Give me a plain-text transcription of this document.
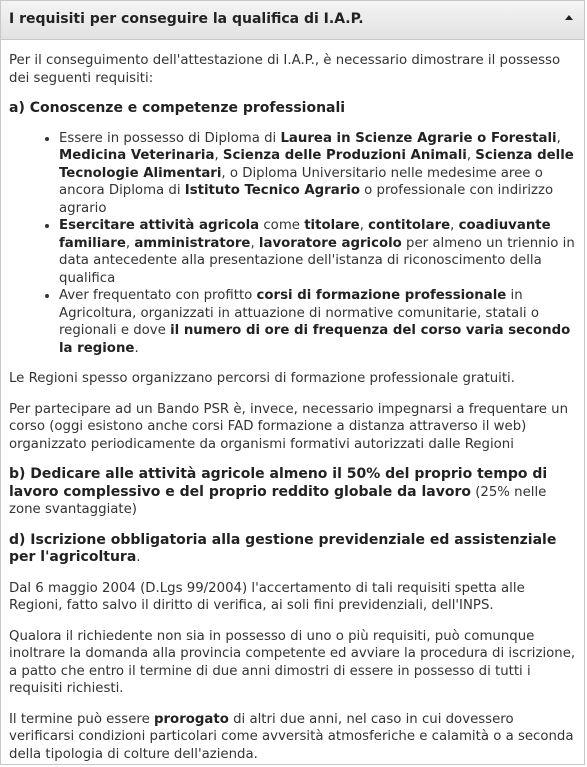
I requisiti per conseguire la qualifica di I.A.P.

Per il conseguimento dell'attestazione di I.A.P., è necessario dimostrare il possesso dei seguenti requisiti:

a) Conoscenze e competenze professionali
• Essere in possesso di Diploma di Laurea in Scienze Agrarie o Forestali, Medicina Veterinaria, Scienza delle Produzioni Animali, Scienza delle Tecnologie Alimentari, o Diploma Universitario nelle medesime aree o ancora Diploma di Istituto Tecnico Agrario o professionale con indirizzo agrario
• Esercitare attività agricola come titolare, contitolare, coadiuvante familiare, amministratore, lavoratore agricolo per almeno un triennio in data antecedente alla presentazione dell'istanza di riconoscimento della qualifica
• Aver frequentato con profitto corsi di formazione professionale in Agricoltura, organizzati in attuazione di normative comunitarie, statali o regionali e dove il numero di ore di frequenza del corso varia secondo la regione.

Le Regioni spesso organizzano percorsi di formazione professionale gratuiti.

Per partecipare ad un Bando PSR è, invece, necessario impegnarsi a frequentare un corso (oggi esistono anche corsi FAD formazione a distanza attraverso il web) organizzato periodicamente da organismi formativi autorizzati dalle Regioni

b) Dedicare alle attività agricole almeno il 50% del proprio tempo di lavoro complessivo e del proprio reddito globale da lavoro (25% nelle zone svantaggiate)

d) Iscrizione obbligatoria alla gestione previdenziale ed assistenziale per l'agricoltura.

Dal 6 maggio 2004 (D.Lgs 99/2004) l'accertamento di tali requisiti spetta alle Regioni, fatto salvo il diritto di verifica, ai soli fini previdenziali, dell'INPS.

Qualora il richiedente non sia in possesso di uno o più requisiti, può comunque inoltrare la domanda alla provincia competente ed avviare la procedura di iscrizione, a patto che entro il termine di due anni dimostri di essere in possesso di tutti i requisiti richiesti.

Il termine può essere prorogato di altri due anni, nel caso in cui dovessero verificarsi condizioni particolari come avversità atmosferiche e calamità o a seconda della tipologia di colture dell'azienda.
